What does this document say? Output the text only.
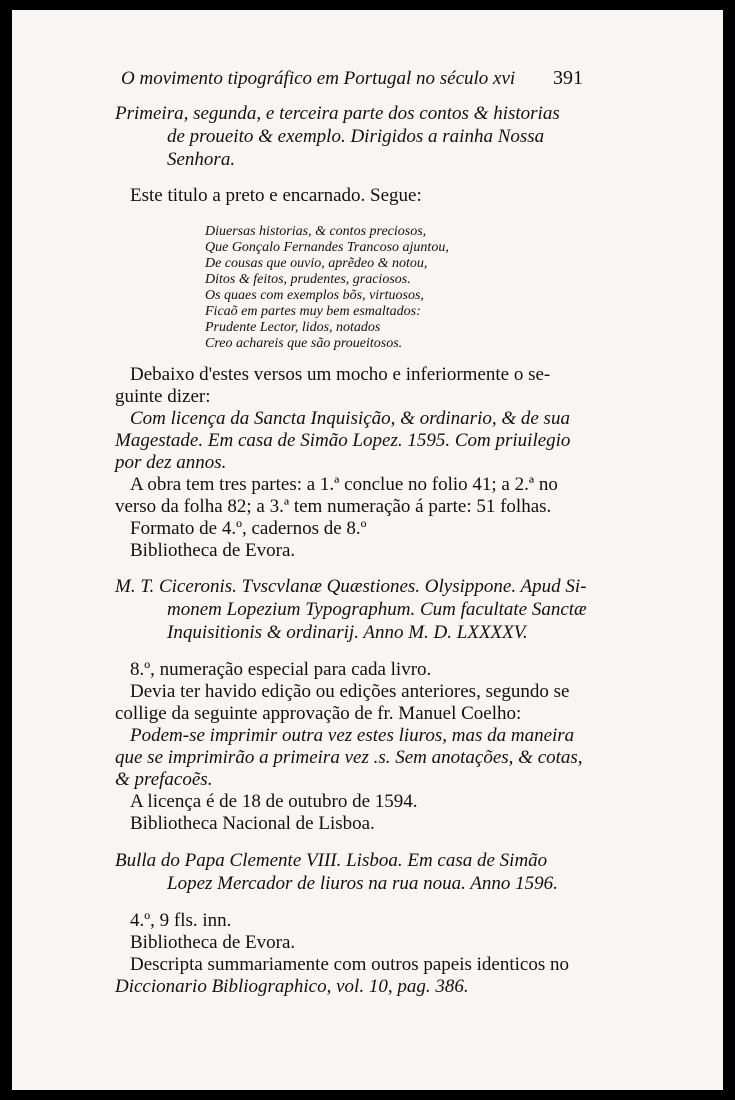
O movimento tipográfico em Portugal no século xvi 391
Primeira, segunda, e terceira parte dos contos & historias
de proueito & exemplo. Dirigidos a rainha Nossa
Senhora.
Este titulo a preto e encarnado. Segue:
Diuersas historias, & contos preciosos,
Que Gonçalo Fernandes Trancoso ajuntou,
De cousas que ouvio, aprẽdeo & notou,
Ditos & feitos, prudentes, graciosos.
Os quaes com exemplos bõs, virtuosos,
Ficaõ em partes muy bem esmaltados:
Prudente Lector, lidos, notados
Creo achareis que são proueitosos.
Debaixo d'estes versos um mocho e inferiormente o se-
guinte dizer:
Com licença da Sancta Inquisição, & ordinario, & de sua
Magestade. Em casa de Simão Lopez. 1595. Com priuilegio
por dez annos.
A obra tem tres partes: a 1.ª conclue no folio 41; a 2.ª no
verso da folha 82; a 3.ª tem numeração á parte: 51 folhas.
Formato de 4.º, cadernos de 8.º
Bibliotheca de Evora.
M. T. Ciceronis. Tvscvlanæ Quæstiones. Olysippone. Apud Si-
monem Lopezium Typographum. Cum facultate Sanctæ
Inquisitionis & ordinarij. Anno M. D. LXXXXV.
8.º, numeração especial para cada livro.
Devia ter havido edição ou edições anteriores, segundo se
collige da seguinte approvação de fr. Manuel Coelho:
Podem-se imprimir outra vez estes liuros, mas da maneira
que se imprimirão a primeira vez .s. Sem anotações, & cotas,
& prefacoẽs.
A licença é de 18 de outubro de 1594.
Bibliotheca Nacional de Lisboa.
Bulla do Papa Clemente VIII. Lisboa. Em casa de Simão
Lopez Mercador de liuros na rua noua. Anno 1596.
4.º, 9 fls. inn.
Bibliotheca de Evora.
Descripta summariamente com outros papeis identicos no
Diccionario Bibliographico, vol. 10, pag. 386.
